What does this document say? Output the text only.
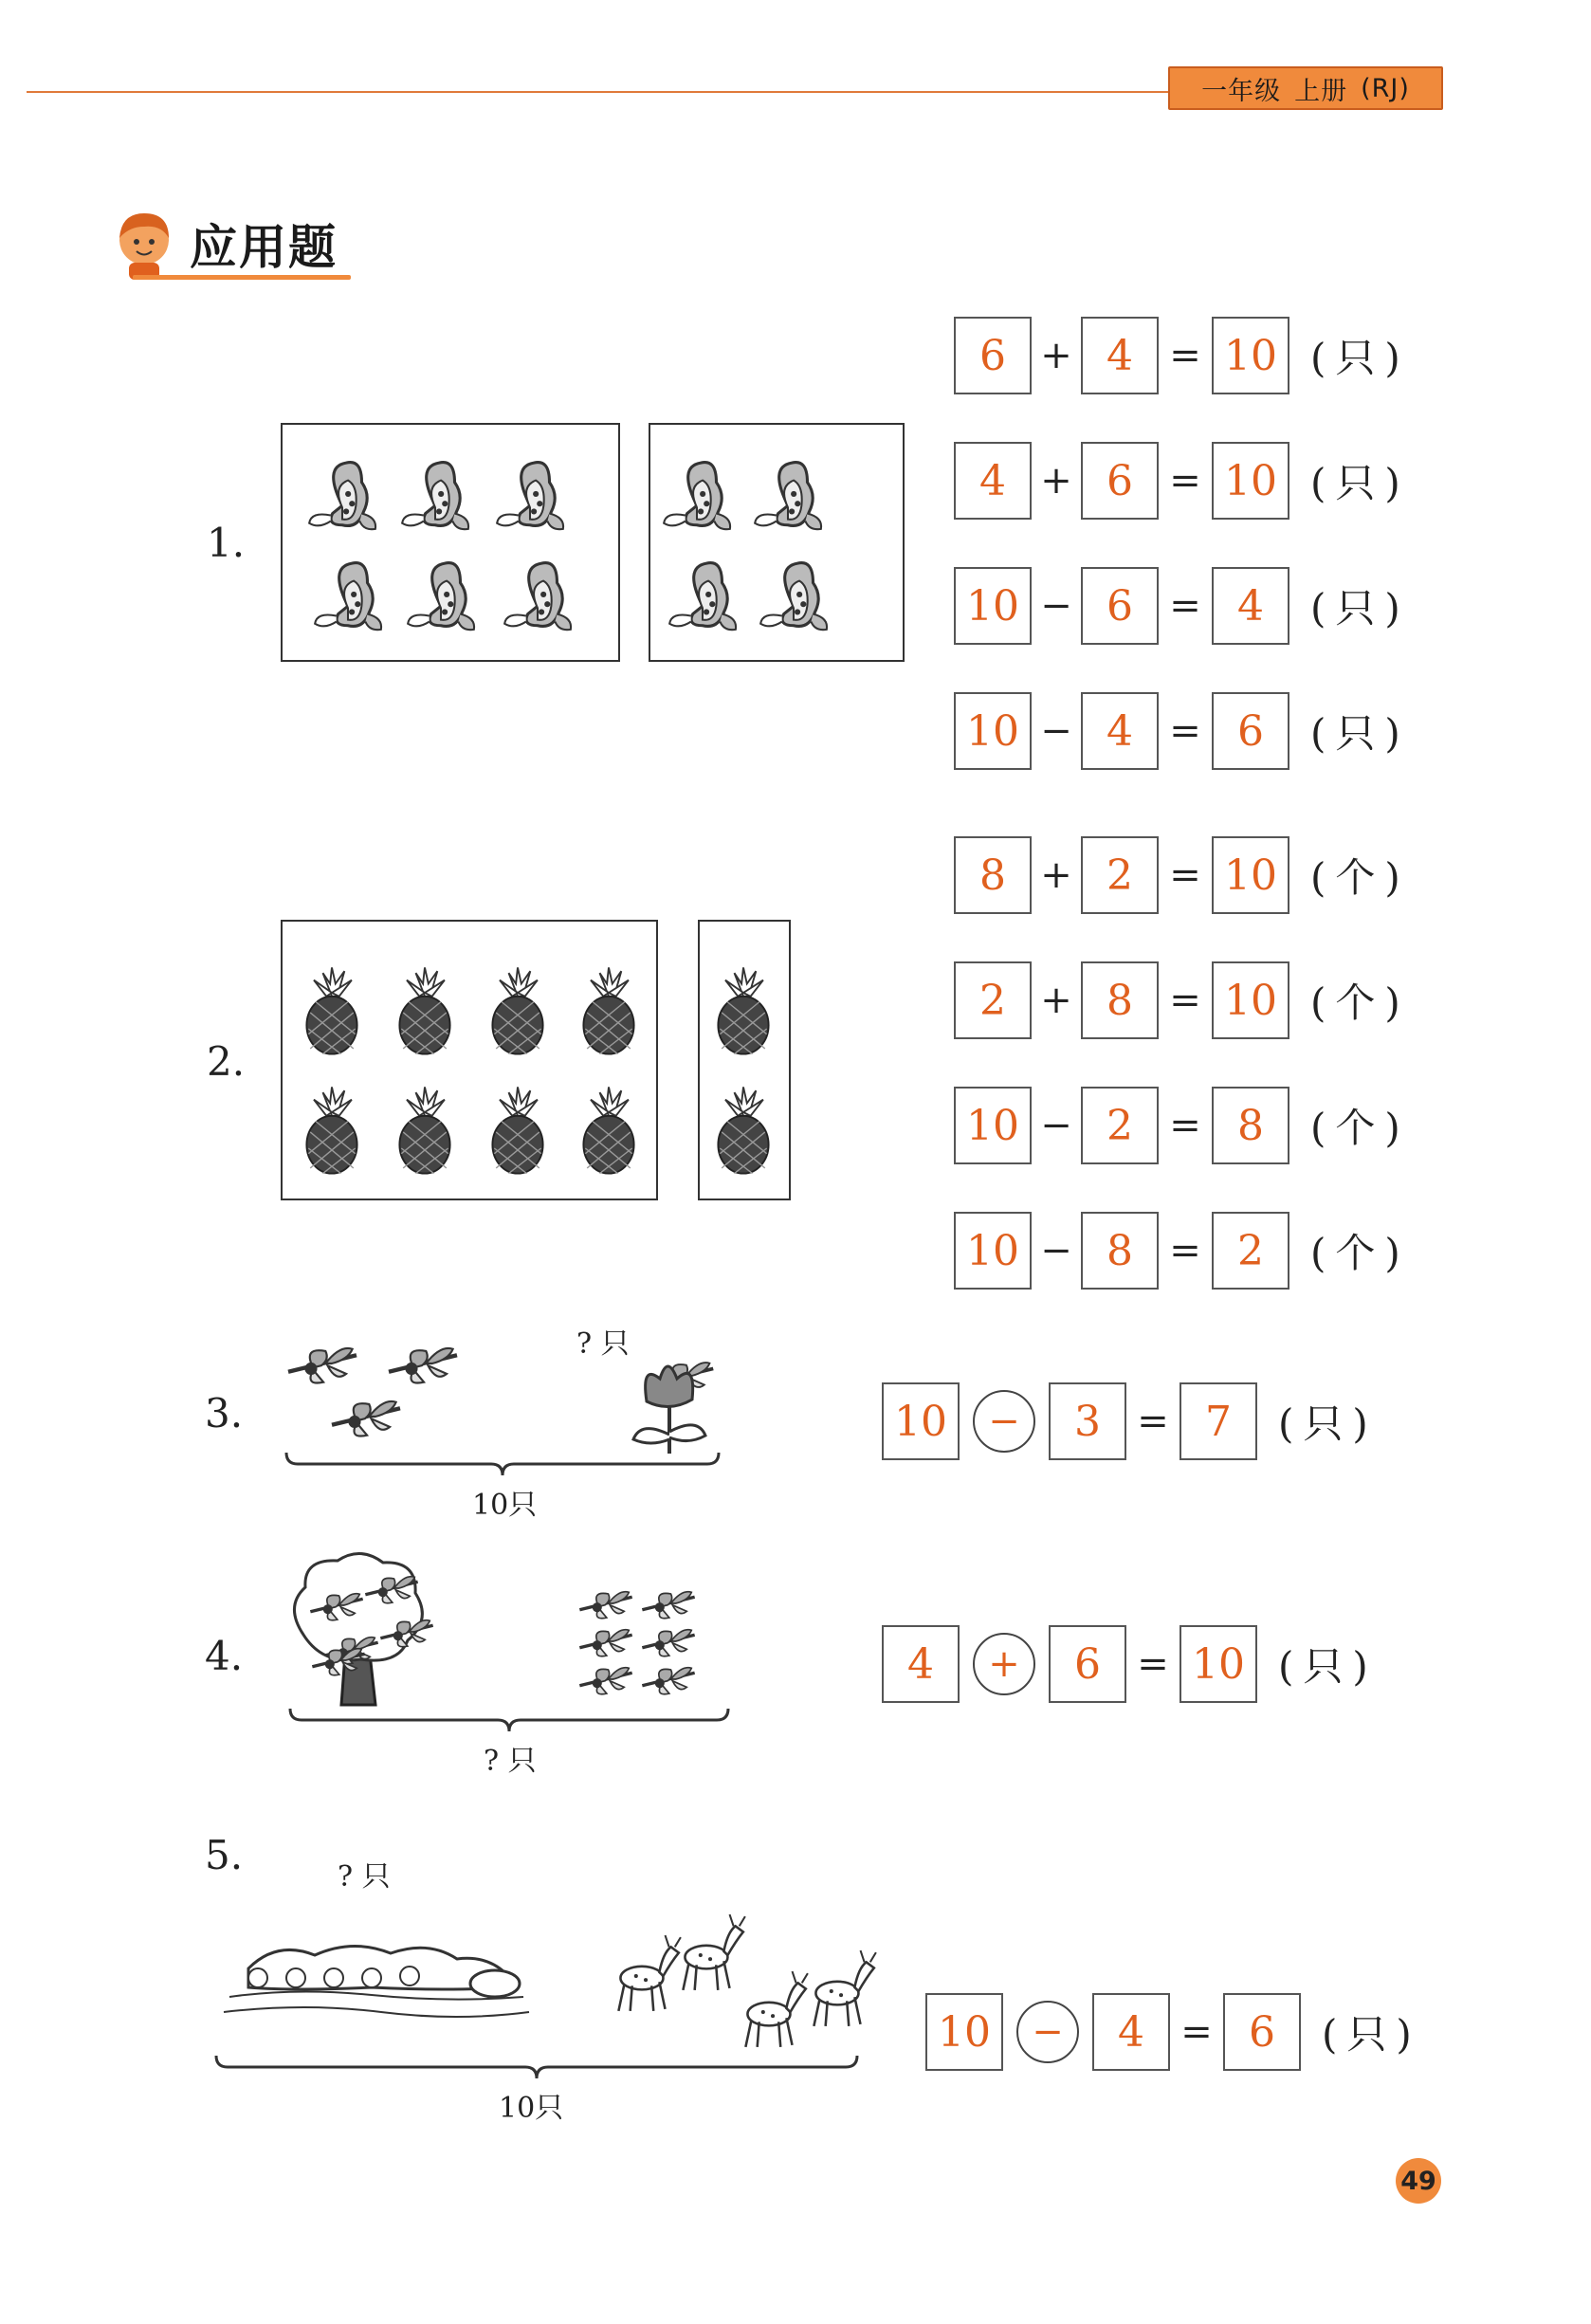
一年级 上册 (RJ)
应用题
1.
6 + 4 = 10 (只)
4 + 6 = 10 (只)
10 − 6 = 4	(只)
10 − 4 = 6	(只)
2.
8 + 2 = 10 (个)
2 + 8 = 10 (个)
10 − 2 = 8	(个)
10 − 8 = 2	(个)
3.
? 只
10只
10	−	3 = 7	(只)
4.
? 只
4	+	6 = 10 (只)
5.	? 只
10只
10	−	4 = 6	(只)
49
